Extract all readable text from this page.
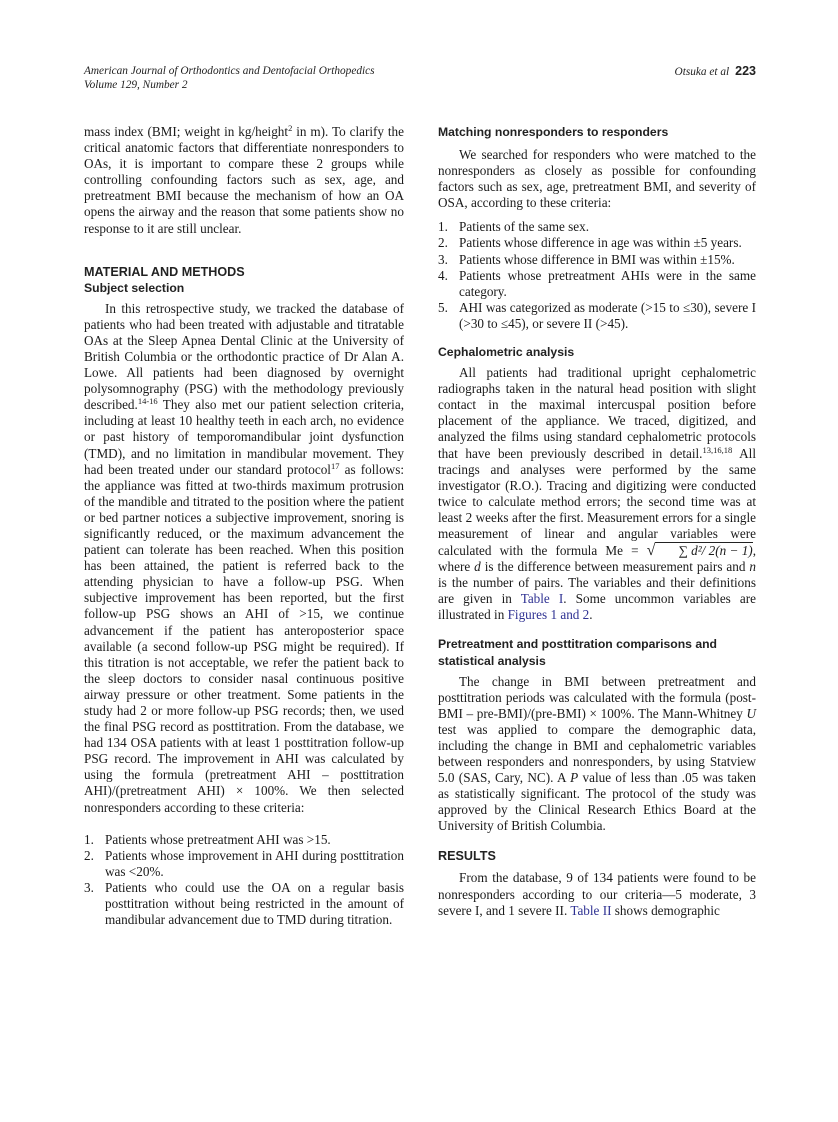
American Journal of Orthodontics and Dentofacial Orthopedics
Volume 129, Number 2
Otsuka et al 223

mass index (BMI; weight in kg/height$^2$ in m). To clarify the critical anatomic factors that differentiate nonresponders to OAs, it is important to compare these 2 groups while controlling confounding factors such as sex, age, and pretreatment BMI because the mechanism of how an OA opens the airway and the reason that some patients show no response to it are still unclear.

MATERIAL AND METHODS
Subject selection

In this retrospective study, we tracked the database of patients who had been treated with adjustable and titratable OAs at the Sleep Apnea Dental Clinic at the University of British Columbia or the orthodontic practice of Dr Alan A. Lowe. All patients had been diagnosed by overnight polysomnography (PSG) with the methodology previously described.$^{14-16}$ They also met our patient selection criteria, including at least 10 healthy teeth in each arch, no evidence or past history of temporomandibular joint dysfunction (TMD), and no limitation in mandibular movement. They had been treated under our standard protocol$^{17}$ as follows: the appliance was fitted at two-thirds maximum protrusion of the mandible and titrated to the position where the patient or bed partner notices a subjective improvement, snoring is significantly reduced, or the maximum advancement the patient can tolerate has been reached. When this position has been attained, the patient is referred back to the attending physician to have a follow-up PSG. When subjective improvement has been reported, but the first follow-up PSG shows an AHI of >15, we continue advancement if the patient has anteroposterior space available (a second follow-up PSG might be required). If this titration is not acceptable, we refer the patient back to the sleep doctors to consider nasal continuous positive airway pressure or other treatment. Some patients in the study had 2 or more follow-up PSG records; then, we used the final PSG record as posttitration. From the database, we had 134 OSA patients with at least 1 posttitration follow-up PSG record. The improvement in AHI was calculated by using the formula (pretreatment AHI – posttitration AHI)/(pretreatment AHI) × 100%. We then selected nonresponders according to these criteria:

1. Patients whose pretreatment AHI was >15.
2. Patients whose improvement in AHI during posttitration was <20%.
3. Patients who could use the OA on a regular basis posttitration without being restricted in the amount of mandibular advancement due to TMD during titration.
Matching nonresponders to responders

We searched for responders who were matched to the nonresponders as closely as possible for confounding factors such as sex, age, pretreatment BMI, and severity of OSA, according to these criteria:

1. Patients of the same sex.
2. Patients whose difference in age was within ±5 years.
3. Patients whose difference in BMI was within ±15%.
4. Patients whose pretreatment AHIs were in the same category.
5. AHI was categorized as moderate (>15 to ≤30), severe I (>30 to ≤45), or severe II (>45).
Cephalometric analysis

All patients had traditional upright cephalometric radiographs taken in the natural head position with slight contact in the maximal intercuspal position before placement of the appliance. We traced, digitized, and analyzed the films using standard cephalometric protocols that have been previously described in detail.$^{13,16,18}$ All tracings and analyses were performed by the same investigator (R.O.). Tracing and digitizing were conducted twice to calculate method errors; the second time was at least 2 weeks after the first. Measurement errors for a single measurement of linear and angular variables were calculated with the formula Me = √ ∑ d²/ 2(n − 1), where d is the difference between measurement pairs and n is the number of pairs. The variables and their definitions are given in Table I. Some uncommon variables are illustrated in Figures 1 and 2.

Pretreatment and posttitration comparisons and statistical analysis

The change in BMI between pretreatment and posttitration periods was calculated with the formula (post-BMI – pre-BMI)/(pre-BMI) × 100%. The Mann-Whitney U test was applied to compare the demographic data, including the change in BMI and cephalometric variables between responders and nonresponders, by using Statview 5.0 (SAS, Cary, NC). A P value of less than .05 was taken as statistically significant. The protocol of the study was approved by the Clinical Research Ethics Board at the University of British Columbia.

RESULTS

From the database, 9 of 134 patients were found to be nonresponders according to our criteria—5 moderate, 3 severe I, and 1 severe II. Table II shows demographic
